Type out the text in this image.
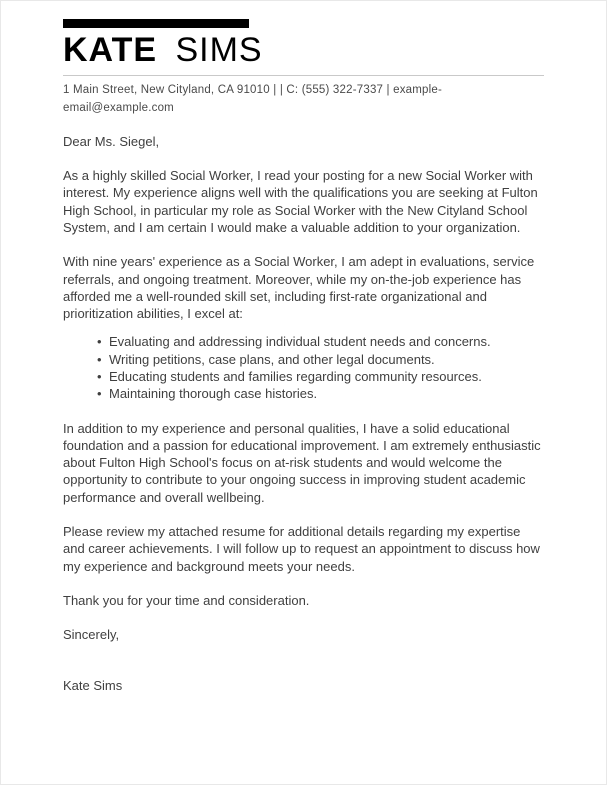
KATE SIMS
1 Main Street, New Cityland, CA 91010 | | C: (555) 322-7337 | example-email@example.com

Dear Ms. Siegel,

As a highly skilled Social Worker, I read your posting for a new Social Worker with interest. My experience aligns well with the qualifications you are seeking at Fulton High School, in particular my role as Social Worker with the New Cityland School System, and I am certain I would make a valuable addition to your organization.

With nine years' experience as a Social Worker, I am adept in evaluations, service referrals, and ongoing treatment. Moreover, while my on-the-job experience has afforded me a well-rounded skill set, including first-rate organizational and prioritization abilities, I excel at:

• Evaluating and addressing individual student needs and concerns.
• Writing petitions, case plans, and other legal documents.
• Educating students and families regarding community resources.
• Maintaining thorough case histories.

In addition to my experience and personal qualities, I have a solid educational foundation and a passion for educational improvement. I am extremely enthusiastic about Fulton High School's focus on at-risk students and would welcome the opportunity to contribute to your ongoing success in improving student academic performance and overall wellbeing.

Please review my attached resume for additional details regarding my expertise and career achievements. I will follow up to request an appointment to discuss how my experience and background meets your needs.

Thank you for your time and consideration.

Sincerely,

Kate Sims
